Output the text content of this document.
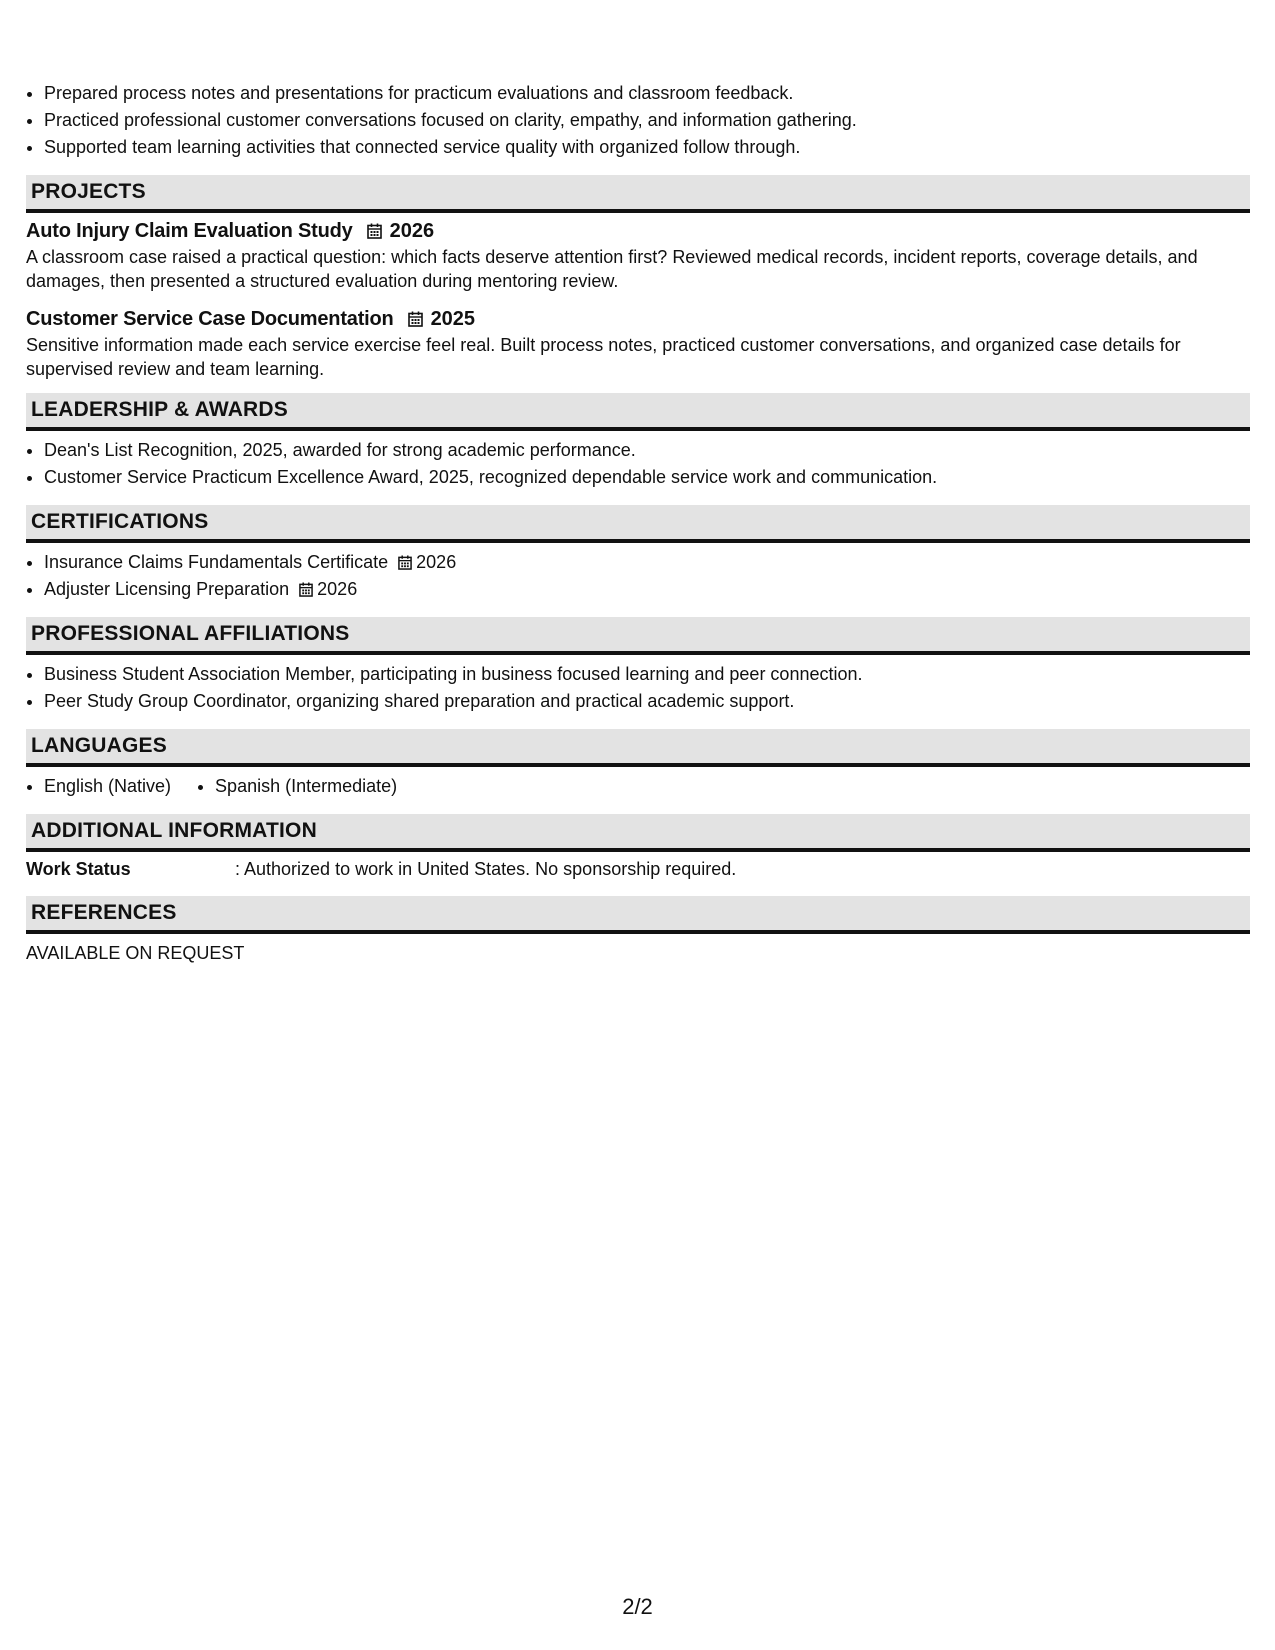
• Prepared process notes and presentations for practicum evaluations and classroom feedback.
• Practiced professional customer conversations focused on clarity, empathy, and information gathering.
• Supported team learning activities that connected service quality with organized follow through.
PROJECTS
Auto Injury Claim Evaluation Study 2026
A classroom case raised a practical question: which facts deserve attention first? Reviewed medical records, incident reports, coverage details, and damages, then presented a structured evaluation during mentoring review.
Customer Service Case Documentation 2025
Sensitive information made each service exercise feel real. Built process notes, practiced customer conversations, and organized case details for supervised review and team learning.
LEADERSHIP & AWARDS
• Dean's List Recognition, 2025, awarded for strong academic performance.
• Customer Service Practicum Excellence Award, 2025, recognized dependable service work and communication.
CERTIFICATIONS
• Insurance Claims Fundamentals Certificate 2026
• Adjuster Licensing Preparation 2026
PROFESSIONAL AFFILIATIONS
• Business Student Association Member, participating in business focused learning and peer connection.
• Peer Study Group Coordinator, organizing shared preparation and practical academic support.
LANGUAGES
• English (Native)
• Spanish (Intermediate)
ADDITIONAL INFORMATION
Work Status	: Authorized to work in United States. No sponsorship required.
REFERENCES
AVAILABLE ON REQUEST
2/2
